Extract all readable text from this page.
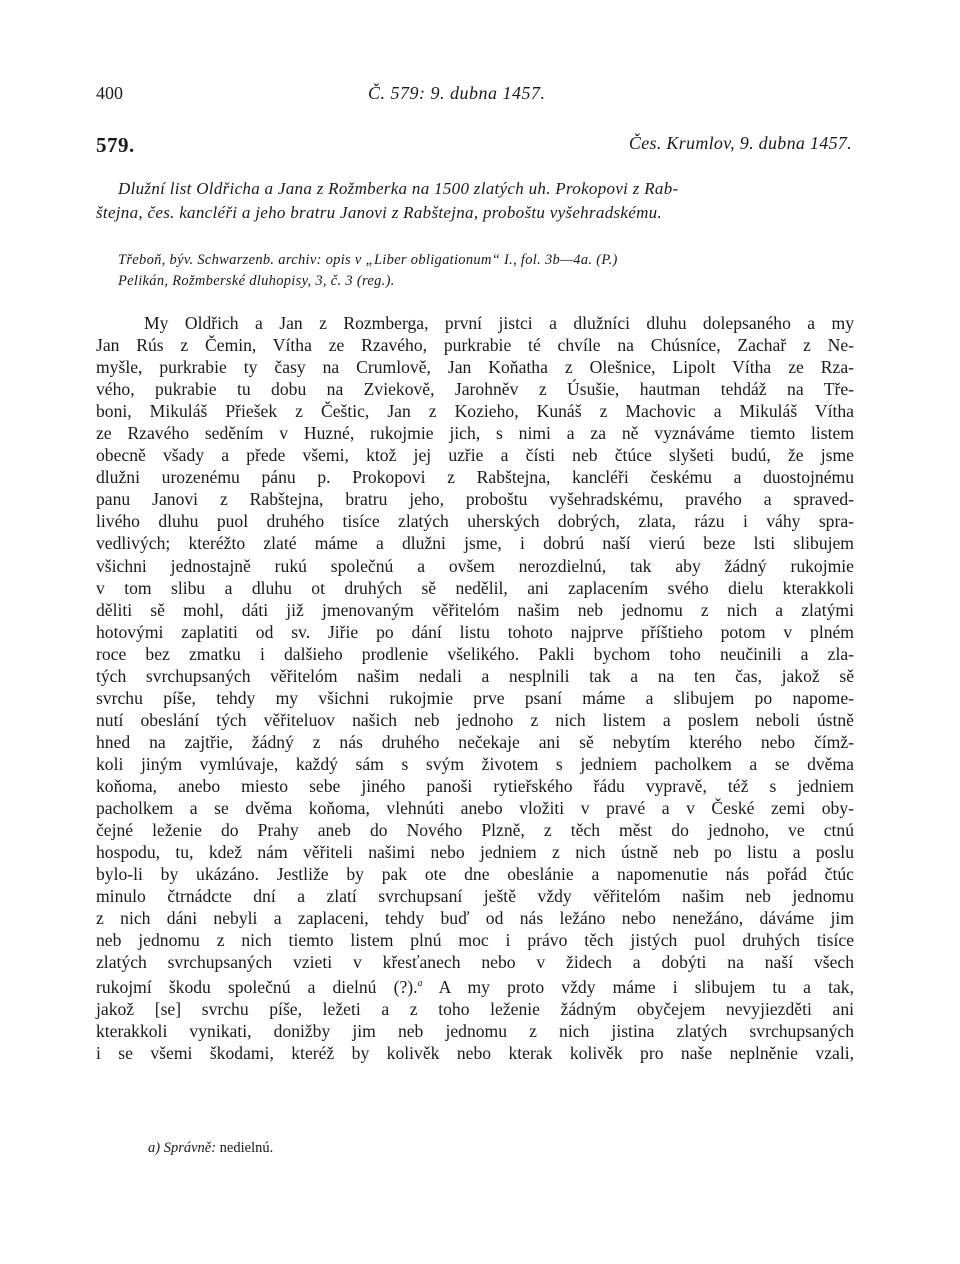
400	Č. 579: 9. dubna 1457.
579.	Čes. Krumlov, 9. dubna 1457.
Dlužní list Oldřicha a Jana z Rožmberka na 1500 zlatých uh. Prokopovi z Rab-
štejna, čes. kancléři a jeho bratru Janovi z Rabštejna, proboštu vyšehradskému.
Třeboň, býv. Schwarzenb. archiv: opis v „Liber obligationum“ I., fol. 3b—4a. (P.)
Pelikán, Rožmberské dluhopisy, 3, č. 3 (reg.).
My Oldřich a Jan z Rozmberga, první jistci a dlužníci dluhu dolepsaného a my
Jan Rús z Čemin, Vítha ze Rzavého, purkrabie té chvíle na Chúsníce, Zachař z Ne-
myšle, purkrabie ty časy na Crumlově, Jan Koňatha z Olešnice, Lipolt Vítha ze Rza-
vého, pukrabie tu dobu na Zviekově, Jarohněv z Úsušie, hautman tehdáž na Tře-
boni, Mikuláš Přiešek z Češtic, Jan z Kozieho, Kunáš z Machovic a Mikuláš Vítha
ze Rzavého seděním v Huzné, rukojmie jich, s nimi a za ně vyznáváme tiemto listem
obecně všady a přede všemi, ktož jej uzřie a čísti neb čtúce slyšeti budú, že jsme
dlužni urozenému pánu p. Prokopovi z Rabštejna, kancléři českému a duostojnému
panu Janovi z Rabštejna, bratru jeho, proboštu vyšehradskému, pravého a spraved-
livého dluhu puol druhého tisíce zlatých uherských dobrých, zlata, rázu i váhy spra-
vedlivých; kteréžto zlaté máme a dlužni jsme, i dobrú naší vierú beze lsti slibujem
všichni jednostajně rukú společnú a ovšem nerozdielnú, tak aby žádný rukojmie
v tom slibu a dluhu ot druhých sě nedělil, ani zaplacením svého dielu kterakkoli
děliti sě mohl, dáti již jmenovaným věřitelóm našim neb jednomu z nich a zlatými
hotovými zaplatiti od sv. Jiřie po dání listu tohoto najprve příštieho potom v plném
roce bez zmatku i dalšieho prodlenie všelikého. Pakli bychom toho neučinili a zla-
tých svrchupsaných věřitelóm našim nedali a nesplnili tak a na ten čas, jakož sě
svrchu píše, tehdy my všichni rukojmie prve psaní máme a slibujem po napome-
nutí obeslání tých věřiteluov našich neb jednoho z nich listem a poslem neboli ústně
hned na zajtřie, žádný z nás druhého nečekaje ani sě nebytím kterého nebo čímž-
koli jiným vymlúvaje, každý sám s svým životem s jedniem pacholkem a se dvěma
koňoma, anebo miesto sebe jiného panoši rytieřského řádu vypravě, též s jedniem
pacholkem a se dvěma koňoma, vlehnúti anebo vložiti v pravé a v České zemi oby-
čejné leženie do Prahy aneb do Nového Plzně, z těch měst do jednoho, ve ctnú
hospodu, tu, kdež nám věřiteli našimi nebo jedniem z nich ústně neb po listu a poslu
bylo-li by ukázáno. Jestliže by pak ote dne obeslánie a napomenutie nás pořád čtúc
minulo čtrnádcte dní a zlatí svrchupsaní ještě vždy věřitelóm našim neb jednomu
z nich dáni nebyli a zaplaceni, tehdy buď od nás ležáno nebo nenežáno, dáváme jim
neb jednomu z nich tiemto listem plnú moc i právo těch jistých puol druhých tisíce
zlatých svrchupsaných vzieti v křesťanech nebo v židech a dobýti na naší všech
rukojmí škodu společnú a dielnú (?).$^a$ A my proto vždy máme i slibujem tu a tak,
jakož [se] svrchu píše, ležeti a z toho leženie žádným obyčejem nevyjiezděti ani
kterakkoli vynikati, donižby jim neb jednomu z nich jistina zlatých svrchupsaných
i se všemi škodami, kteréž by kolivěk nebo kterak kolivěk pro naše neplněnie vzali,
a) Správně: nedielnú.
